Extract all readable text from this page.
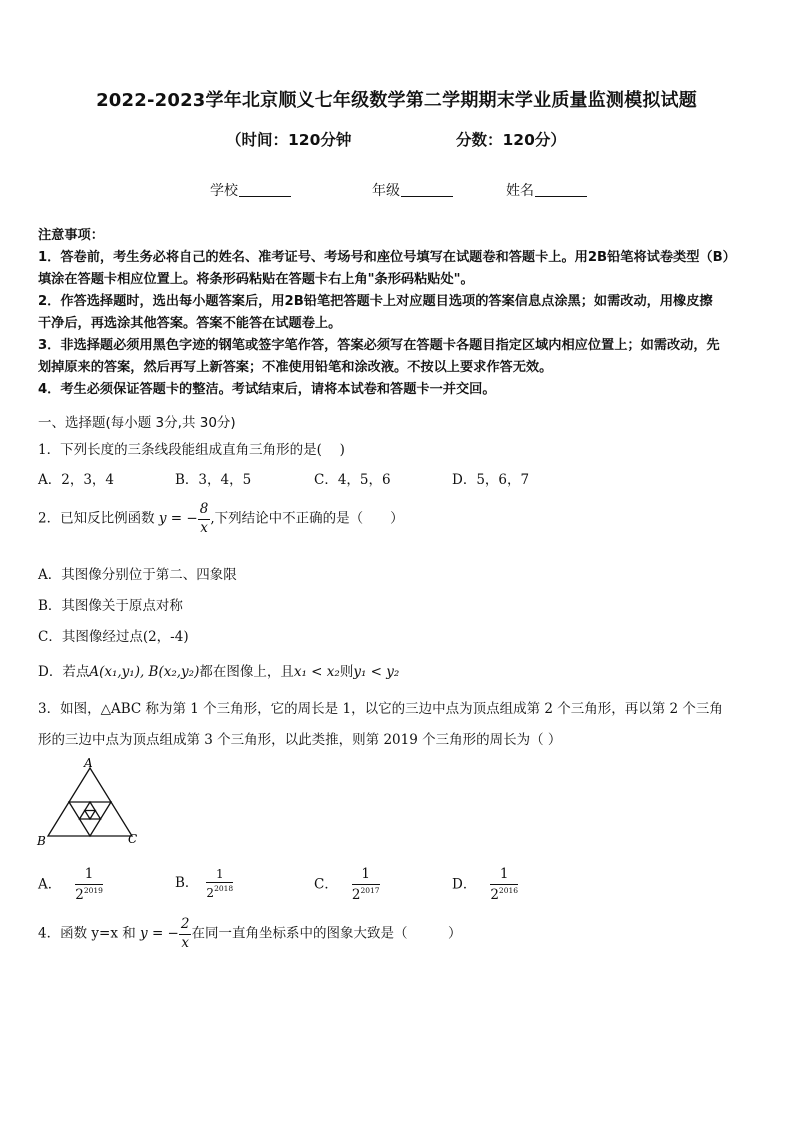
2022-2023学年北京顺义七年级数学第二学期期末学业质量监测模拟试题
（时间：120分钟	分数：120分）
学校	年级	姓名
注意事项：
1．答卷前，考生务必将自己的姓名、准考证号、考场号和座位号填写在试题卷和答题卡上。用2B铅笔将试卷类型（B）
填涂在答题卡相应位置上。将条形码粘贴在答题卡右上角"条形码粘贴处"。
2．作答选择题时，选出每小题答案后，用2B铅笔把答题卡上对应题目选项的答案信息点涂黑；如需改动，用橡皮擦
干净后，再选涂其他答案。答案不能答在试题卷上。
3．非选择题必须用黑色字迹的钢笔或签字笔作答，答案必须写在答题卡各题目指定区域内相应位置上；如需改动，先
划掉原来的答案，然后再写上新答案；不准使用铅笔和涂改液。不按以上要求作答无效。
4．考生必须保证答题卡的整洁。考试结束后，请将本试卷和答题卡一并交回。
一、选择题(每小题 3分,共 30分)
1．下列长度的三条线段能组成直角三角形的是(　 )
A．2，3，4	B．3，4，5	C．4，5，6	D．5，6，7
2．已知反比例函数 y = − $\frac{8}{x}$ ,下列结论中不正确的是（　　）
A．其图像分别位于第二、四象限
B．其图像关于原点对称
C．其图像经过点(2，-4)
D．若点A(x₁,y₁), B(x₂,y₂)都在图像上，且x₁ < x₂则y₁ < y₂
3．如图，△ABC 称为第 1 个三角形，它的周长是 1，以它的三边中点为顶点组成第 2 个三角形，再以第 2 个三角
形的三边中点为顶点组成第 3 个三角形，以此类推，则第 2019 个三角形的周长为（ ）
A
B	C
A． $\frac{1}{2^{2019}}$	B． $\frac{1}{2^{2018}}$	C． $\frac{1}{2^{2017}}$	D． $\frac{1}{2^{2016}}$
4．函数 y=x 和 y = − $\frac{2}{x}$ 在同一直角坐标系中的图象大致是（　　　）
